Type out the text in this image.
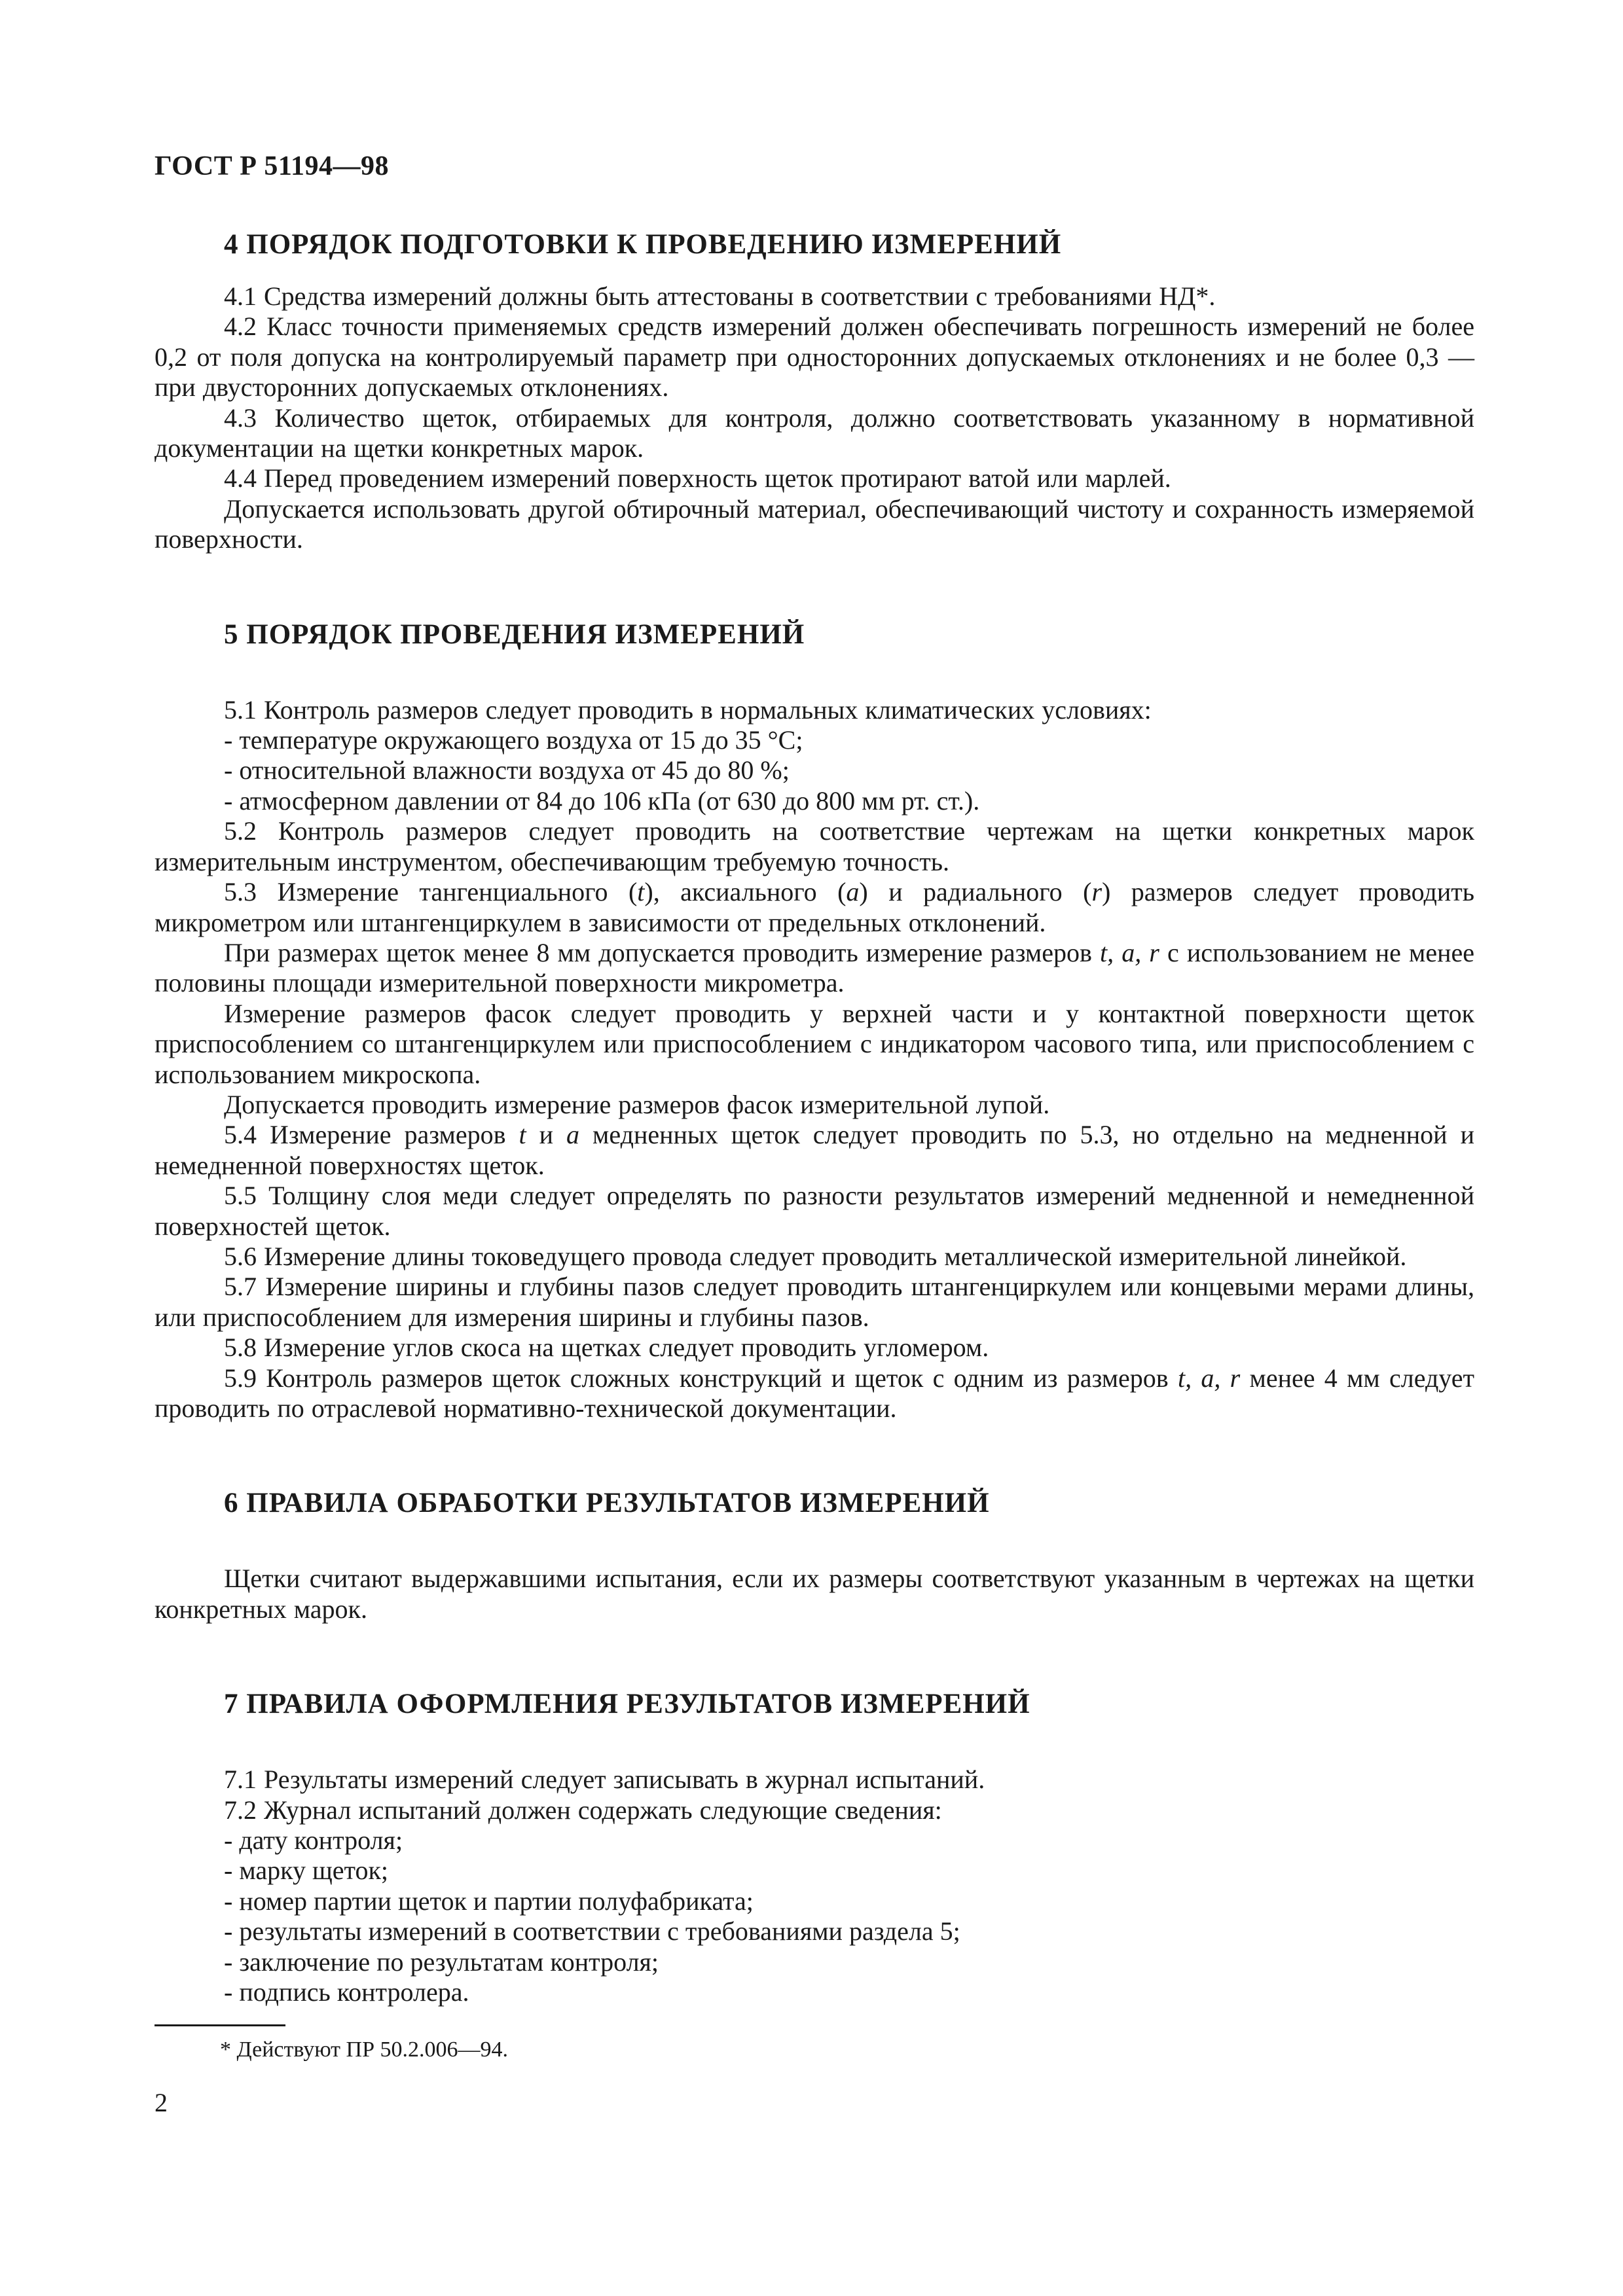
ГОСТ Р 51194—98
4 ПОРЯДОК ПОДГОТОВКИ К ПРОВЕДЕНИЮ ИЗМЕРЕНИЙ

4.1 Средства измерений должны быть аттестованы в соответствии с требованиями НД*.

4.2 Класс точности применяемых средств измерений должен обеспечивать погрешность измерений не более 0,2 от поля допуска на контролируемый параметр при односторонних допускаемых отклонениях и не более 0,3 — при двусторонних допускаемых отклонениях.

4.3 Количество щеток, отбираемых для контроля, должно соответствовать указанному в нормативной документации на щетки конкретных марок.

4.4 Перед проведением измерений поверхность щеток протирают ватой или марлей.

Допускается использовать другой обтирочный материал, обеспечивающий чистоту и сохранность измеряемой поверхности.

5 ПОРЯДОК ПРОВЕДЕНИЯ ИЗМЕРЕНИЙ

5.1 Контроль размеров следует проводить в нормальных климатических условиях:

- температуре окружающего воздуха от 15 до 35 °С;

- относительной влажности воздуха от 45 до 80 %;

- атмосферном давлении от 84 до 106 кПа (от 630 до 800 мм рт. ст.).

5.2 Контроль размеров следует проводить на соответствие чертежам на щетки конкретных марок измерительным инструментом, обеспечивающим требуемую точность.

5.3 Измерение тангенциального (t), аксиального (a) и радиального (r) размеров следует проводить микрометром или штангенциркулем в зависимости от предельных отклонений.

При размерах щеток менее 8 мм допускается проводить измерение размеров t, a, r с использованием не менее половины площади измерительной поверхности микрометра.

Измерение размеров фасок следует проводить у верхней части и у контактной поверхности щеток приспособлением со штангенциркулем или приспособлением с индикатором часового типа, или приспособлением с использованием микроскопа.

Допускается проводить измерение размеров фасок измерительной лупой.

5.4 Измерение размеров t и a медненных щеток следует проводить по 5.3, но отдельно на медненной и немедненной поверхностях щеток.

5.5 Толщину слоя меди следует определять по разности результатов измерений медненной и немедненной поверхностей щеток.

5.6 Измерение длины токоведущего провода следует проводить металлической измерительной линейкой.

5.7 Измерение ширины и глубины пазов следует проводить штангенциркулем или концевыми мерами длины, или приспособлением для измерения ширины и глубины пазов.

5.8 Измерение углов скоса на щетках следует проводить угломером.

5.9 Контроль размеров щеток сложных конструкций и щеток с одним из размеров t, a, r менее 4 мм следует проводить по отраслевой нормативно-технической документации.

6 ПРАВИЛА ОБРАБОТКИ РЕЗУЛЬТАТОВ ИЗМЕРЕНИЙ

Щетки считают выдержавшими испытания, если их размеры соответствуют указанным в чертежах на щетки конкретных марок.

7 ПРАВИЛА ОФОРМЛЕНИЯ РЕЗУЛЬТАТОВ ИЗМЕРЕНИЙ

7.1 Результаты измерений следует записывать в журнал испытаний.

7.2 Журнал испытаний должен содержать следующие сведения:

- дату контроля;

- марку щеток;

- номер партии щеток и партии полуфабриката;

- результаты измерений в соответствии с требованиями раздела 5;

- заключение по результатам контроля;

- подпись контролера.

* Действуют ПР 50.2.006—94.

2
